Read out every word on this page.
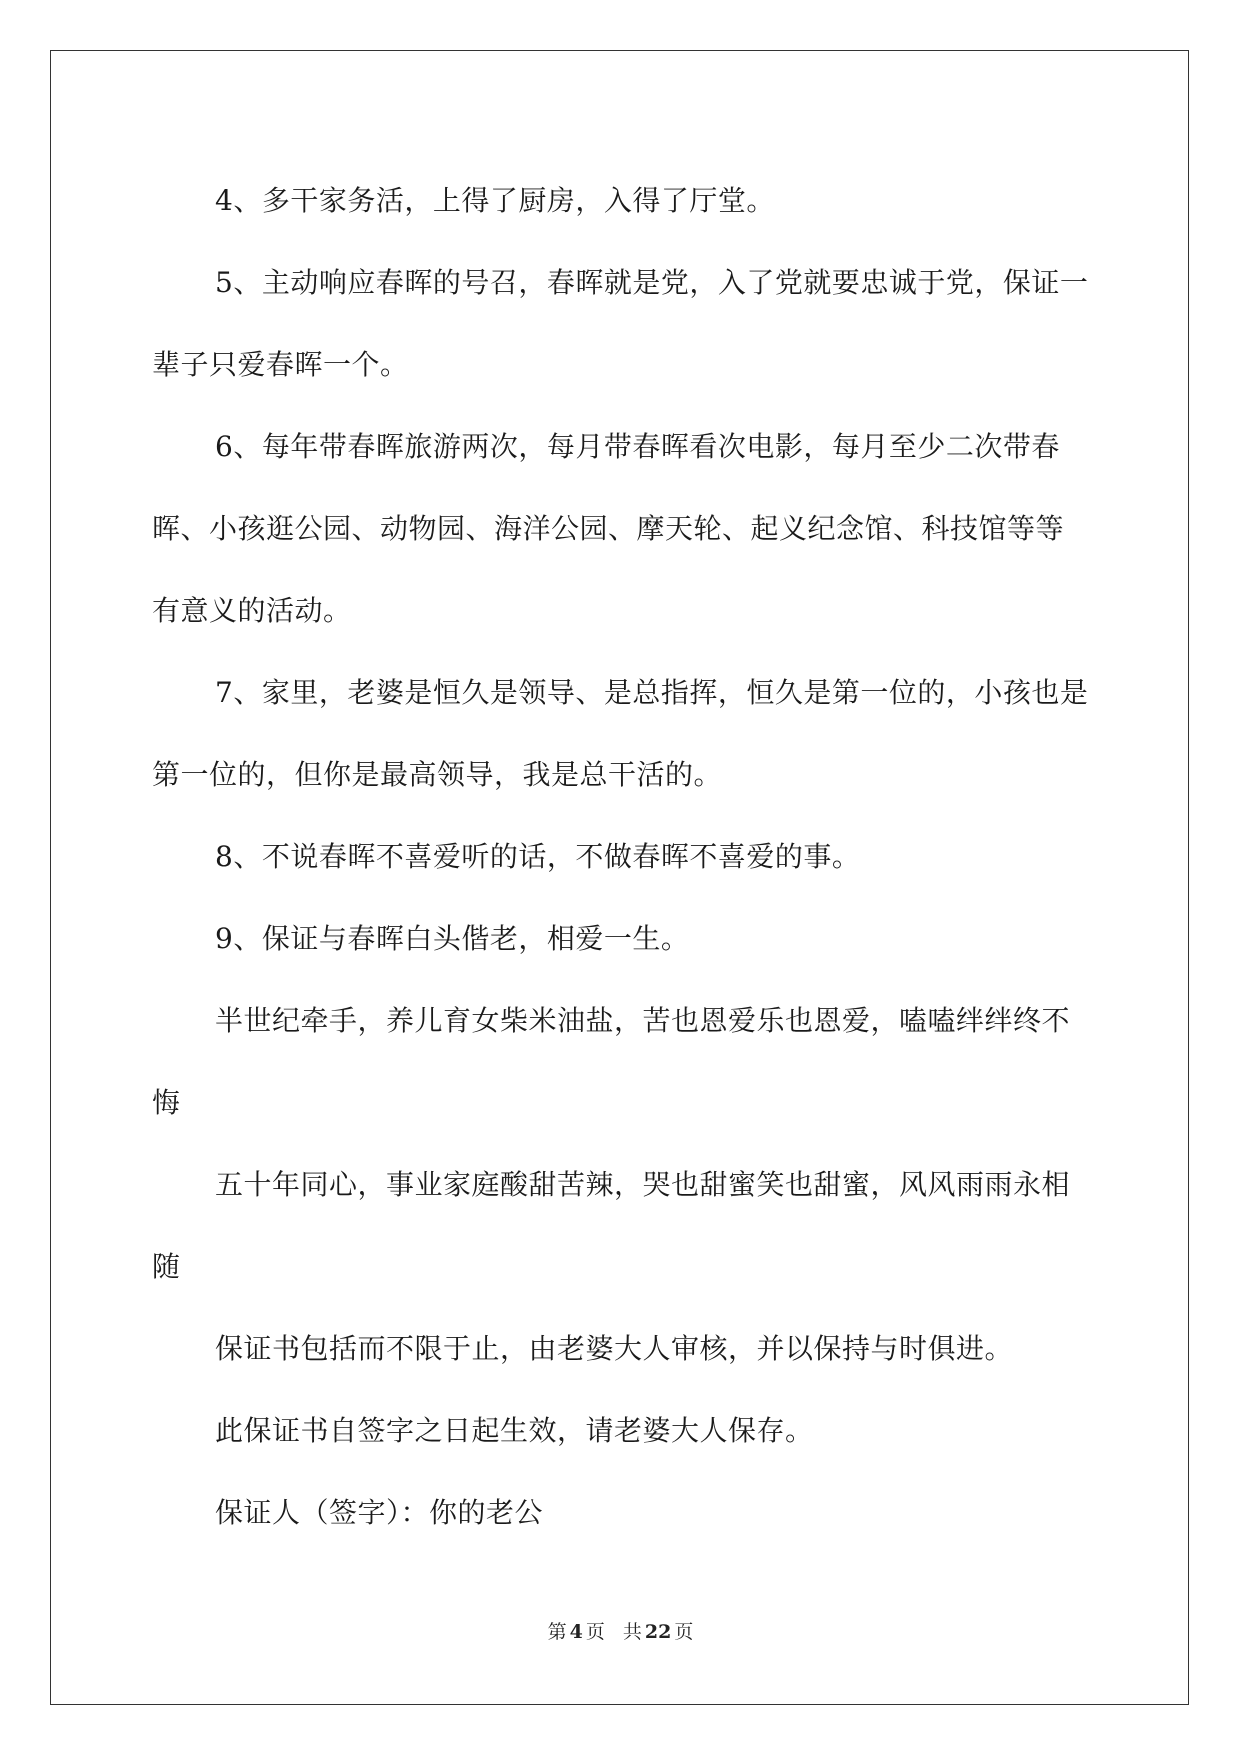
4、多干家务活，上得了厨房，入得了厅堂。

5、主动响应春晖的号召，春晖就是党，入了党就要忠诚于党，保证一辈子只爱春晖一个。

6、每年带春晖旅游两次，每月带春晖看次电影，每月至少二次带春晖、小孩逛公园、动物园、海洋公园、摩天轮、起义纪念馆、科技馆等等有意义的活动。

7、家里，老婆是恒久是领导、是总指挥，恒久是第一位的，小孩也是第一位的，但你是最高领导，我是总干活的。

8、不说春晖不喜爱听的话，不做春晖不喜爱的事。

9、保证与春晖白头偕老，相爱一生。

半世纪牵手，养儿育女柴米油盐，苦也恩爱乐也恩爱，嗑嗑绊绊终不悔

五十年同心，事业家庭酸甜苦辣，哭也甜蜜笑也甜蜜，风风雨雨永相随

保证书包括而不限于止，由老婆大人审核，并以保持与时俱进。

此保证书自签字之日起生效，请老婆大人保存。

保证人（签字）：你的老公

第 4 页 共 22 页
